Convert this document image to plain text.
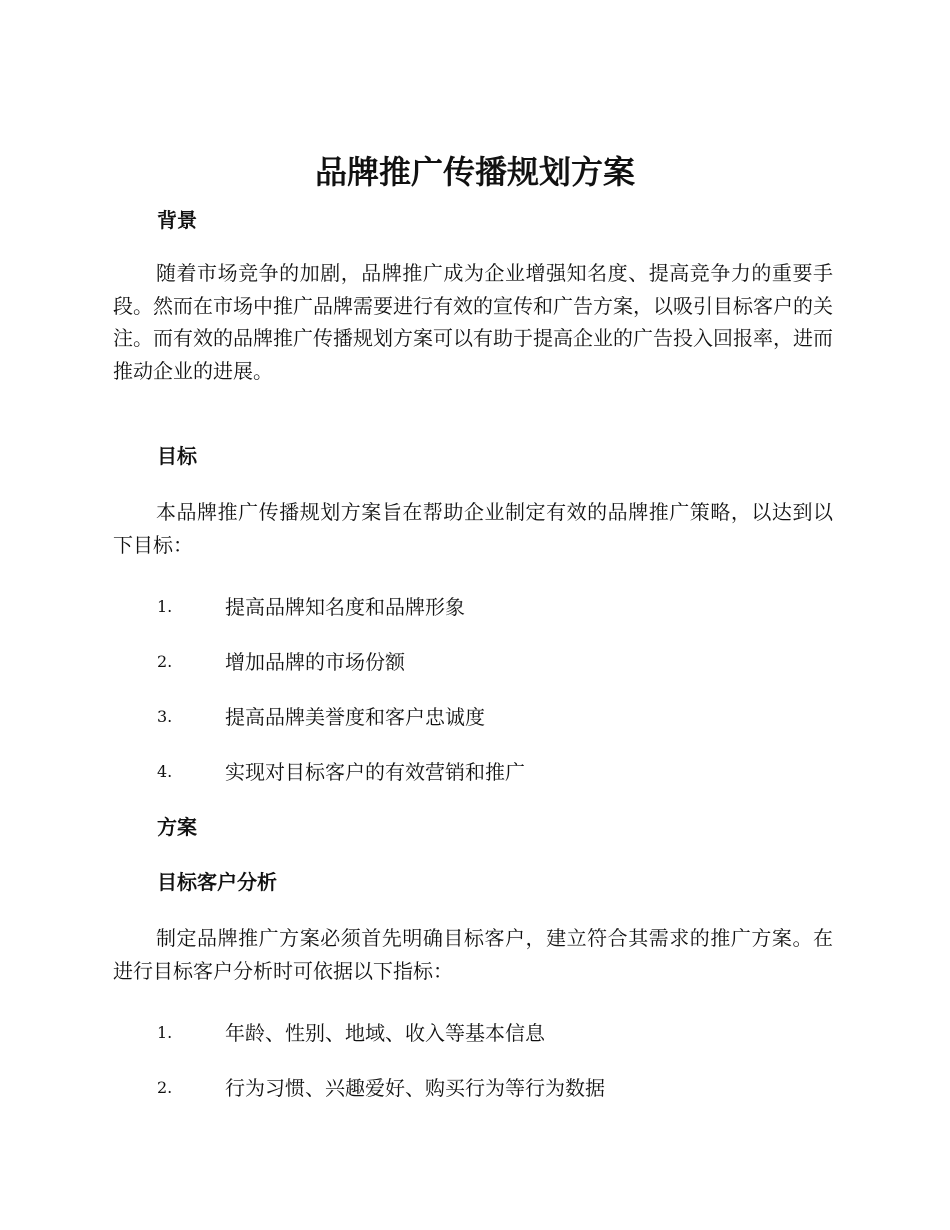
品牌推广传播规划方案
背景

随着市场竞争的加剧，品牌推广成为企业增强知名度、提高竞争力的重要手段。然而在市场中推广品牌需要进行有效的宣传和广告方案，以吸引目标客户的关注。而有效的品牌推广传播规划方案可以有助于提高企业的广告投入回报率，进而推动企业的进展。

目标

本品牌推广传播规划方案旨在帮助企业制定有效的品牌推广策略，以达到以下目标：

1.	提高品牌知名度和品牌形象
2.	增加品牌的市场份额
3.	提高品牌美誉度和客户忠诚度
4.	实现对目标客户的有效营销和推广
方案
目标客户分析

制定品牌推广方案必须首先明确目标客户，建立符合其需求的推广方案。在进行目标客户分析时可依据以下指标：

1.	年龄、性别、地域、收入等基本信息
2.	行为习惯、兴趣爱好、购买行为等行为数据
